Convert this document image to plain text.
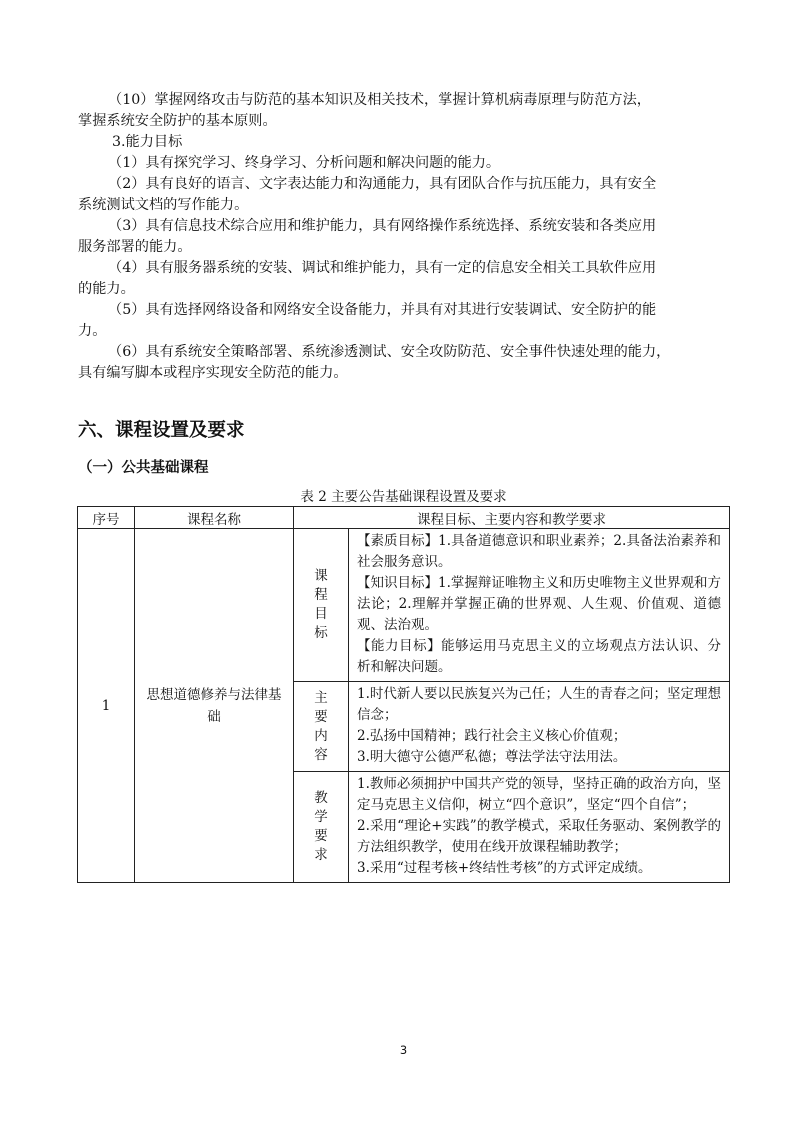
（10）掌握网络攻击与防范的基本知识及相关技术，掌握计算机病毒原理与防范方法，

掌握系统安全防护的基本原则。

3.能力目标

（1）具有探究学习、终身学习、分析问题和解决问题的能力。

（2）具有良好的语言、文字表达能力和沟通能力，具有团队合作与抗压能力，具有安全

系统测试文档的写作能力。

（3）具有信息技术综合应用和维护能力，具有网络操作系统选择、系统安装和各类应用

服务部署的能力。

（4）具有服务器系统的安装、调试和维护能力，具有一定的信息安全相关工具软件应用

的能力。

（5）具有选择网络设备和网络安全设备能力，并具有对其进行安装调试、安全防护的能

力。

（6）具有系统安全策略部署、系统渗透测试、安全攻防防范、安全事件快速处理的能力，

具有编写脚本或程序实现安全防范的能力。

六、课程设置及要求
（一）公共基础课程

表 2 主要公告基础课程设置及要求

序号	课程名称	课程目标、主要内容和教学要求	
1	思想道德修养与法律基础	课程目标	【素质目标】1.具备道德意识和职业素养；2.具备法治素养和社会服务意识。
【知识目标】1.掌握辩证唯物主义和历史唯物主义世界观和方法论；2.理解并掌握正确的世界观、人生观、价值观、道德观、法治观。
【能力目标】能够运用马克思主义的立场观点方法认识、分析和解决问题。

		主要内容	1.时代新人要以民族复兴为己任；人生的青春之问；坚定理想信念；
2.弘扬中国精神；践行社会主义核心价值观；
3.明大德守公德严私德；尊法学法守法用法。

		教学要求	1.教师必须拥护中国共产党的领导，坚持正确的政治方向，坚定马克思主义信仰，树立“四个意识”，坚定“四个自信”；
2.采用“理论+实践”的教学模式，采取任务驱动、案例教学的方法组织教学，使用在线开放课程辅助教学；
3.采用“过程考核+终结性考核”的方式评定成绩。
3
